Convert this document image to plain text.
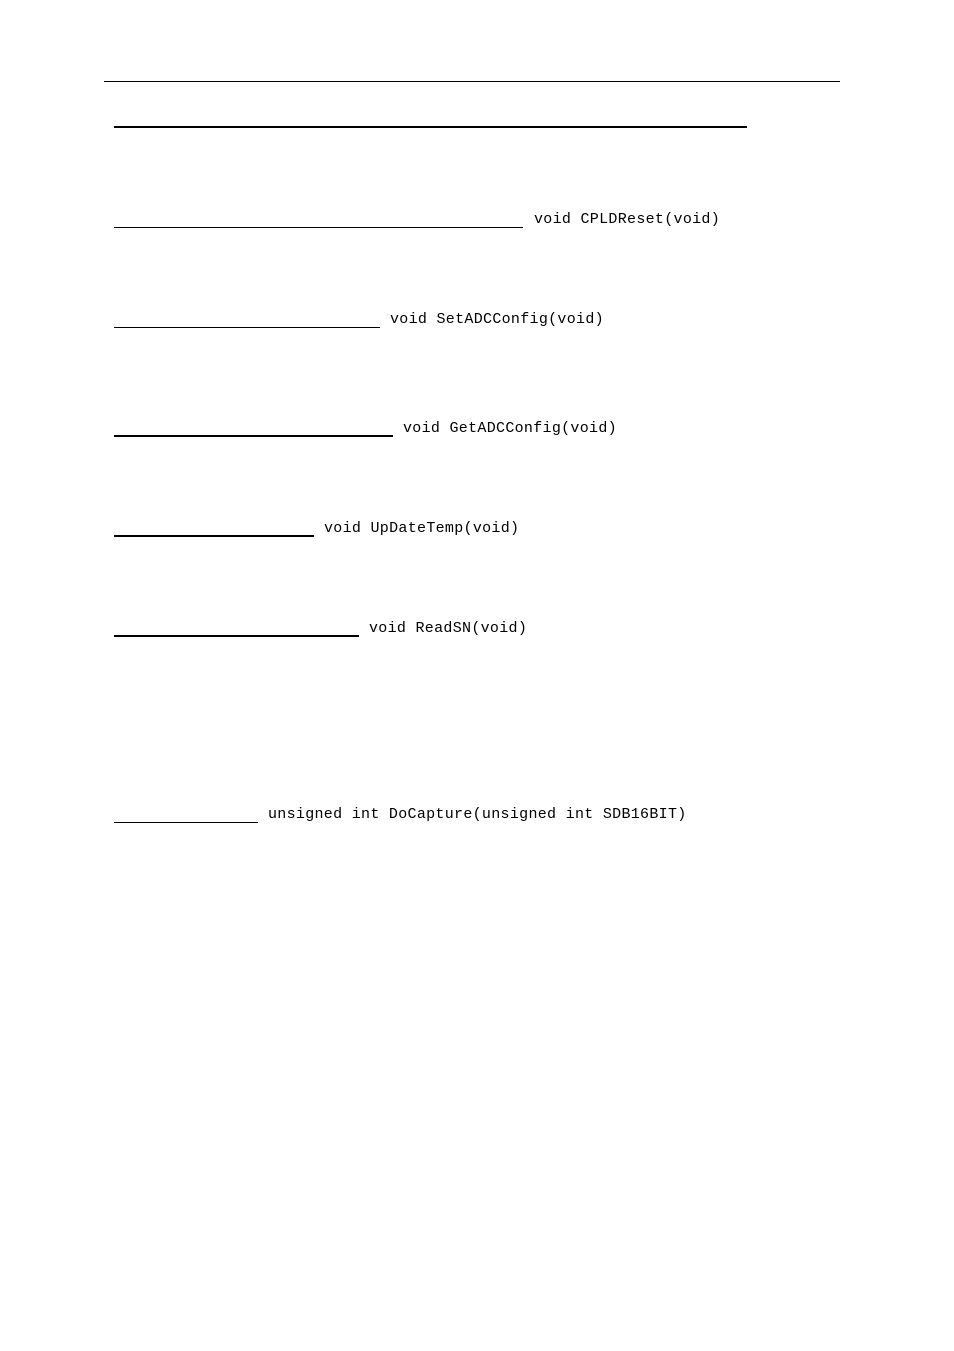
void CPLDReset(void)
void SetADCConfig(void)
void GetADCConfig(void)
void UpDateTemp(void)
void ReadSN(void)
unsigned int DoCapture(unsigned int SDB16BIT)
